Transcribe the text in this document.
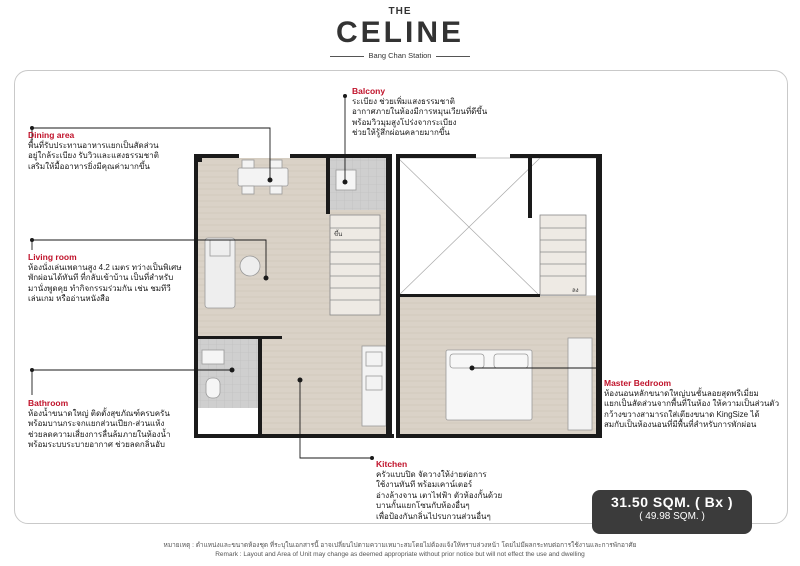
THE
CELINE
Bang Chan Station
ขึ้น
ลง
Dining area
พื้นที่รับประทานอาหารแยกเป็นสัดส่วน
อยู่ใกล้ระเบียง รับวิวและแสงธรรมชาติ
เสริมให้มื้ออาหารยิ่งมีคุณค่ามากขึ้น
Balcony
ระเบียง ช่วยเพิ่มแสงธรรมชาติ
อากาศภายในห้องมีการหมุนเวียนที่ดีขึ้น
พร้อมวิวมุมสูงโปร่งจากระเบียง
ช่วยให้รู้สึกผ่อนคลายมากขึ้น
Living room
ห้องนั่งเล่นเพดานสูง 4.2 เมตร ทว่างเป็นพิเศษ
พักผ่อนได้ทันที ที่กลับเข้าบ้าน เป็นที่สำหรับ
มานั่งพูดคุย ทำกิจกรรมร่วมกัน เช่น ชมทีวี
เล่นเกม หรืออ่านหนังสือ
Bathroom
ห้องน้ำขนาดใหญ่ ติดตั้งสุขภัณฑ์ครบครัน
พร้อมบานกระจกแยกส่วนเปียก-ส่วนแห้ง
ช่วยลดความเสี่ยงการลื่นล้มภายในห้องน้ำ
พร้อมระบบระบายอากาศ ช่วยลดกลิ่นอับ
Master Bedroom
ห้องนอนหลักขนาดใหญ่บนชั้นลอยสุดพรีเมี่ยม
แยกเป็นสัดส่วนจากพื้นที่ในห้อง ให้ความเป็นส่วนตัว
กว้างขวางสามารถใส่เตียงขนาด KingSize ได้
สมกับเป็นห้องนอนที่มีพื้นที่สำหรับการพักผ่อน
Kitchen
ครัวแบบปิด จัดวางให้ง่ายต่อการ
ใช้งานทันที พร้อมเคาน์เตอร์
อ่างล้างจาน เตาไฟฟ้า ตัวห้องกั้นด้วย
บานกั้นแยกโซนกับห้องอื่นๆ
เพื่อป้องกันกลิ่นไปรบกวนส่วนอื่นๆ
31.50 SQM. ( Bx )
( 49.98 SQM. )
หมายเหตุ : ตำแหน่งและขนาดห้องชุด ที่ระบุในเอกสารนี้ อาจเปลี่ยนไปตามความเหมาะสมโดยไม่ต้องแจ้งให้ทราบล่วงหน้า โดยไม่มีผลกระทบต่อการใช้งานและการพักอาศัย
Remark : Layout and Area of Unit may change as deemed appropriate without prior notice but will not effect the use and dwelling
